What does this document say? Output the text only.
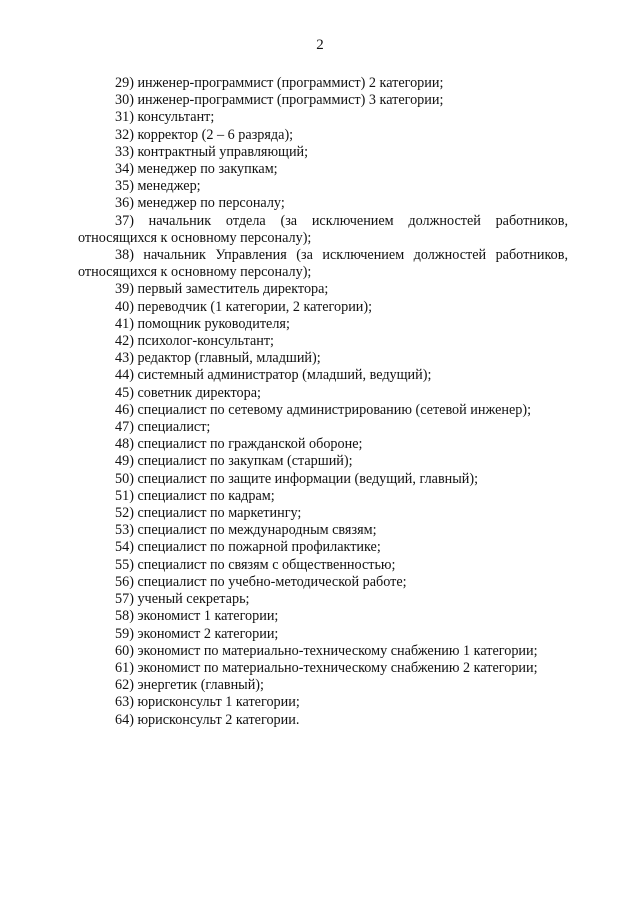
2

29) инженер-программист (программист) 2 категории;

30) инженер-программист (программист) 3 категории;

31) консультант;

32) корректор (2 – 6 разряда);

33) контрактный управляющий;

34) менеджер по закупкам;

35) менеджер;

36) менеджер по персоналу;

37) начальник отдела (за исключением должностей работников, относящихся к основному персоналу);

38) начальник Управления (за исключением должностей работников, относящихся к основному персоналу);

39) первый заместитель директора;

40) переводчик (1 категории, 2 категории);

41) помощник руководителя;

42) психолог-консультант;

43) редактор (главный, младший);

44) системный администратор (младший, ведущий);

45) советник директора;

46) специалист по сетевому администрированию (сетевой инженер);

47) специалист;

48) специалист по гражданской обороне;

49) специалист по закупкам (старший);

50) специалист по защите информации (ведущий, главный);

51) специалист по кадрам;

52) специалист по маркетингу;

53) специалист по международным связям;

54) специалист по пожарной профилактике;

55) специалист по связям с общественностью;

56) специалист по учебно-методической работе;

57) ученый секретарь;

58) экономист 1 категории;

59) экономист 2 категории;

60) экономист по материально-техническому снабжению 1 категории;

61) экономист по материально-техническому снабжению 2 категории;

62) энергетик (главный);

63) юрисконсульт 1 категории;

64) юрисконсульт 2 категории.
